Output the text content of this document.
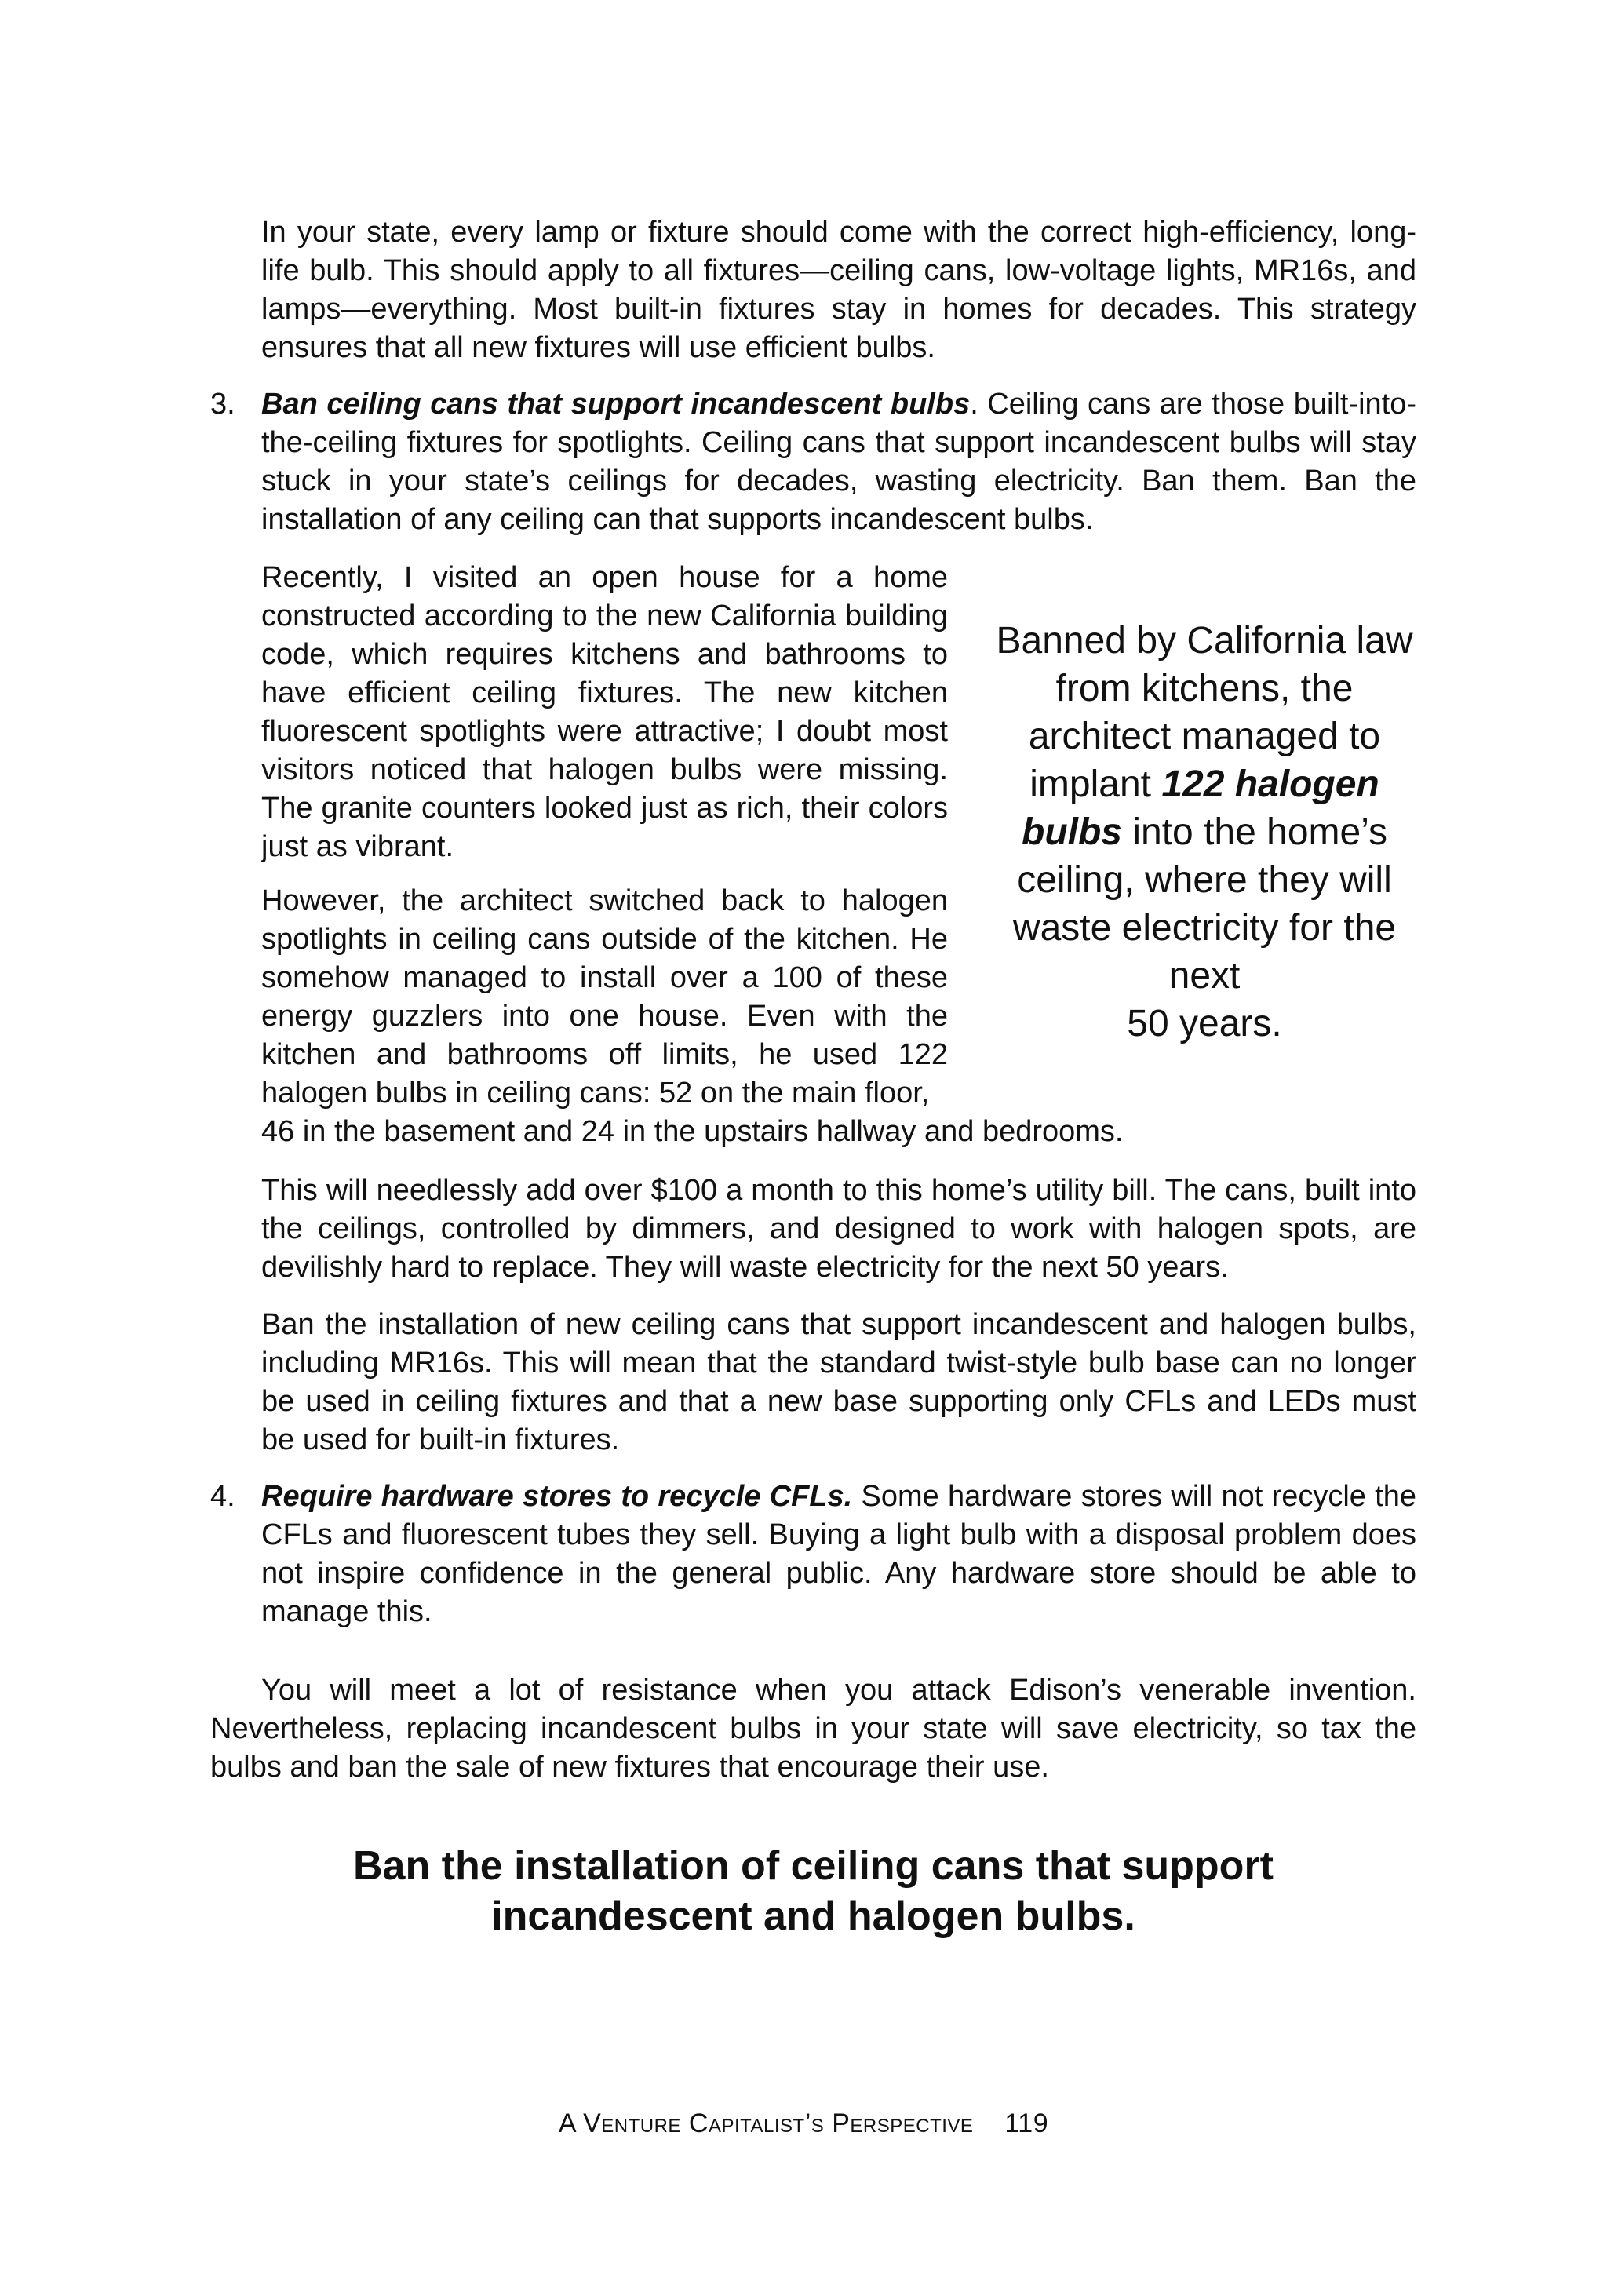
In your state, every lamp or fixture should come with the correct high-efficiency, long-life bulb. This should apply to all fixtures—ceiling cans, low-voltage lights, MR16s, and lamps—everything. Most built-in fixtures stay in homes for decades. This strategy ensures that all new fixtures will use efficient bulbs.

3. Ban ceiling cans that support incandescent bulbs. Ceiling cans are those built-into-the-ceiling fixtures for spotlights. Ceiling cans that support incandescent bulbs will stay stuck in your state’s ceilings for decades, wasting electricity. Ban them. Ban the installation of any ceiling can that supports incandescent bulbs.

Recently, I visited an open house for a home constructed according to the new California building code, which requires kitchens and bathrooms to have efficient ceiling fixtures. The new kitchen fluorescent spotlights were attractive; I doubt most visitors noticed that halogen bulbs were missing. The granite counters looked just as rich, their colors just as vibrant.

However, the architect switched back to halogen spotlights in ceiling cans outside of the kitchen. He somehow managed to install over a 100 of these energy guzzlers into one house. Even with the kitchen and bathrooms off limits, he used 122 halogen bulbs in ceiling cans: 52 on the main floor,

46 in the basement and 24 in the upstairs hallway and bedrooms.

Banned by California law from kitchens, the architect managed to implant 122 halogen bulbs into the home’s ceiling, where they will waste electricity for the next
50 years.

This will needlessly add over $100 a month to this home’s utility bill. The cans, built into the ceilings, controlled by dimmers, and designed to work with halogen spots, are devilishly hard to replace. They will waste electricity for the next 50 years.

Ban the installation of new ceiling cans that support incandescent and halogen bulbs, including MR16s. This will mean that the standard twist-style bulb base can no longer be used in ceiling fixtures and that a new base supporting only CFLs and LEDs must be used for built-in fixtures.

4. Require hardware stores to recycle CFLs. Some hardware stores will not recycle the CFLs and fluorescent tubes they sell. Buying a light bulb with a disposal problem does not inspire confidence in the general public. Any hardware store should be able to manage this.

You will meet a lot of resistance when you attack Edison’s venerable invention. Nevertheless, replacing incandescent bulbs in your state will save electricity, so tax the bulbs and ban the sale of new fixtures that encourage their use.

Ban the installation of ceiling cans that support
incandescent and halogen bulbs.
A Venture Capitalist’s Perspective 119
